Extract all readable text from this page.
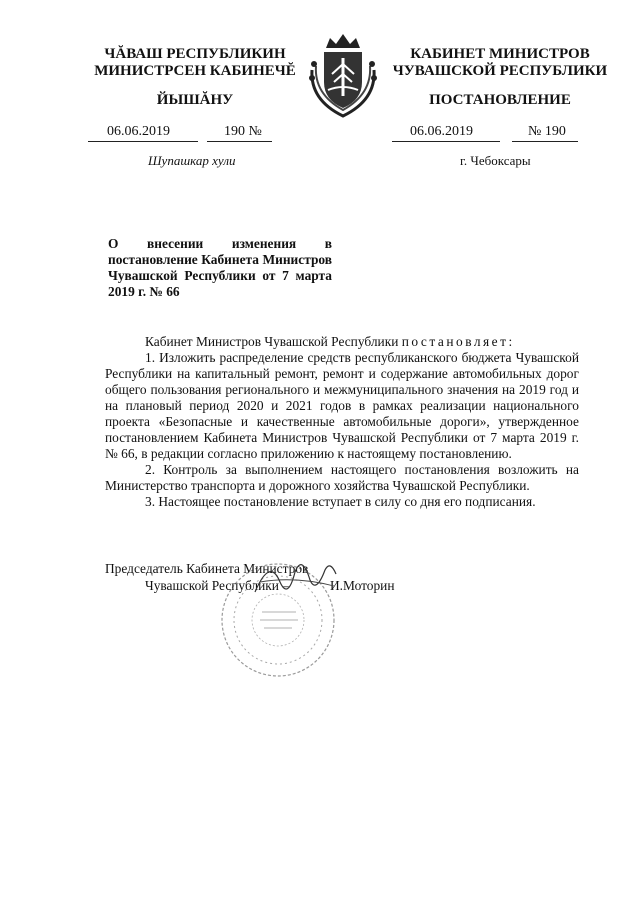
ЧĂВАШ РЕСПУБЛИКИН
МИНИСТРСЕН КАБИНЕЧĔ
ЙЫШĂНУ
КАБИНЕТ МИНИСТРОВ
ЧУВАШСКОЙ РЕСПУБЛИКИ
ПОСТАНОВЛЕНИЕ
06.06.2019	190 №	06.06.2019	№ 190
Шупашкар хули	г. Чебоксары
О внесении изменения в постановление Кабинета Министров Чувашской Республики от 7 марта 2019 г. № 66

Кабинет Министров Чувашской Республики постановляет:

1. Изложить распределение средств республиканского бюджета Чувашской Республики на капитальный ремонт, ремонт и содержание автомобильных дорог общего пользования регионального и межмуниципального значения на 2019 год и на плановый период 2020 и 2021 годов в рамках реализации национального проекта «Безопасные и качественные автомобильные дороги», утвержденное постановлением Кабинета Министров Чувашской Республики от 7 марта 2019 г. № 66, в редакции согласно приложению к настоящему постановлению.

2. Контроль за выполнением настоящего постановления возложить на Министерство транспорта и дорожного хозяйства Чувашской Республики.

3. Настоящее постановление вступает в силу со дня его подписания.

Председатель Кабинета Министров
Чувашской Республики –	И.Моторин
